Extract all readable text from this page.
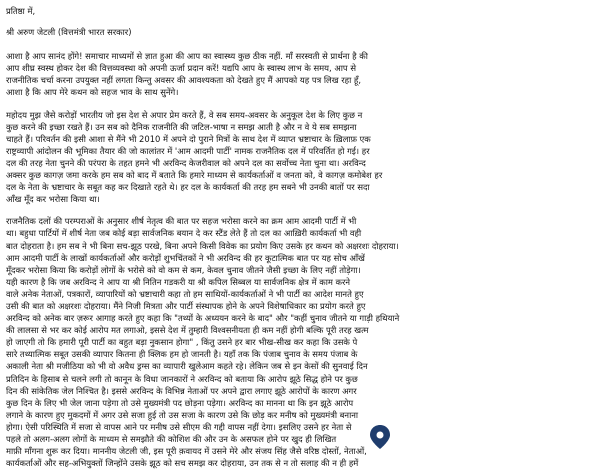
प्रतिष्ठा में,
श्री अरुण जेटली (वित्तमंत्री भारत सरकार)
आशा है आप सानंद होंगे! समाचार माध्यमों से ज्ञात हुआ की आप का स्वास्थ्य कुछ ठीक नहीं. माँ सरस्वती से प्रार्थना है की
आप शीघ्र स्वस्थ होकर देश की वित्तव्यवस्था को अपनी ऊर्जा प्रदान करें! यद्यपि आप के स्वास्थ लाभ के समय, आप से
राजनीतिक चर्चा करना उपयुक्त नहीं लगता किन्तु अवसर की आवश्यकता को देखते हुए मैं आपको यह पत्र लिख रहा हूँ,
आशा है कि आप मेरे कथन को सहज भाव के साथ सुनेंगे।
महोदय मुझ जैसे करोड़ों भारतीय जो इस देश से अपार प्रेम करते हैं, वे सब समय-अवसर के अनुकूल देश के लिए कुछ न
कुछ करने की इच्छा रखते हैं। उन सब को दैनिक राजनीति की जटिल-भाषा न समझ आती है और न वे ये सब समझना
चाहते हैं। परिवर्तन की इसी आशा से मैंने भी 2010 में अपने दो पुराने मित्रों के साथ देश में व्याप्त भ्रष्टाचार के ख़िलाफ़ एक
राष्ट्रव्यापी आंदोलन की भूमिका तैयार की जो कालांतर में 'आम आदमी पार्टी' नामक राजनैतिक दल में परिवर्तित हो गई। हर
दल की तरह नेता चुनने की परंपरा के तहत हमने भी अरविन्द केजरीवाल को अपने दल का सर्वोच्च नेता चुना था। अरविन्द
अक्सर कुछ कागज़ जमा करके हम सब को बाद में बताते कि हमारे माध्यम से कार्यकर्ताओं व जनता को, वे कागज़ कमोबेश हर
दल के नेता के भ्रष्टाचार के सबूत कह कर दिखाते रहते थे। हर दल के कार्यकर्ता की तरह हम सबने भी उनकी बातों पर सदा
आँख मूँद कर भरोसा किया था।
राजनैतिक दलों की परम्पराओं के अनुसार शीर्ष नेतृत्व की बात पर सहज भरोसा करने का क्रम आम आदमी पार्टी में भी
था। बहुधा पार्टियों में शीर्ष नेता जब कोई बड़ा सार्वजनिक बयान दे कर स्टैंड लेते हैं तो दल का आख़िरी कार्यकर्ता भी वही
बात दोहराता है। हम सब ने भी बिना सच-झूठ परखे, बिना अपने किसी विवेक का प्रयोग किए उसके हर कथन को अक्षरशः दोहराया।
आम आदमी पार्टी के लाखों कार्यकर्ताओं और करोड़ों शुभचिंतकों ने भी अरविन्द की हर कूटात्मिक बात पर यह सोच आँखें
मूँदकर भरोसा किया कि करोड़ों लोगों के भरोसे को वो कम से कम, केवल चुनाव जीतने जैसी इच्छा के लिए नहीं तोड़ेगा।
यही कारण है कि जब अरविन्द ने आप या श्री नितिन गडकरी या श्री कपिल सिब्बल या सार्वजनिक क्षेत्र में काम करने
वाले अनेक नेताओं, पत्रकारों, व्यापारियों को भ्रष्टाचारी कहा तो हम साथियों-कार्यकर्ताओं ने भी पार्टी का आदेश मानते हुए
उसी की बात को अक्षरशः दोहराया। मैंने निजी मित्रता और पार्टी संस्थापक होने के अपने विशेषाधिकार का प्रयोग करते हुए
अरविन्द को अनेक बार ज़रूर आगाह करते हुए कहा कि "तथ्यों के अध्ययन करने के बाद" और "कहीं चुनाव जीतने या गाड़ी हथियाने
की लालसा से भर कर कोई आरोप मत लगाओ, इससे देश में तुम्हारी विश्वसनीयता ही कम नहीं होगी बल्कि पूरी तरह खत्म
हो जाएगी तो कि हमारी पूरी पार्टी का बहुत बड़ा नुकसान होगा" , किंतु उसने हर बार भीख-सीख कर कहा कि उसके पे
सारे तथ्यात्मिक सबूत उसकी व्यापार कितना ही क्लिक हम हो जानती है। यहाँ तक कि पंजाब चुनाव के समय पंजाब के
अकाली नेता श्री मजीठिया को भी वो अवैध ड्रग्स का व्यापारी खुलेआम कहते रहे। लेकिन जब से इन केसों की सुनवाई दिन
प्रतिदिन के हिसाब से चलने लगी तो कानून के विधा जानकारों ने अरविन्द को बताया कि आरोप झूठे सिद्ध होने पर कुछ
दिन की सांकेतिक जेल निश्चित है। इससे अरविन्द के विभिन्न नेताओं पर अपने द्वारा लगाए झूठे आरोपों के कारण अगर
कुछ दिन के लिए भी जेल जाना पड़ेगा तो उसे मुख्यमंत्री पद छोड़ना पड़ेगा। अरविन्द का मानना था कि इन झूठे आरोप
लगाने के कारण हुए मुकदमों में अगर उसे सजा हुई तो उस सजा के कारण उसे कि छोड़ कर मनीष को मुख्यमंत्री बनाना
होगा। ऐसी परिस्थिति में सजा से वापस आने पर मनीष उसे सीएम की गद्दी वापस नहीं देगा। इसलिए उसने हर नेता से
पहले तो अलग-अलग लोगों के माध्यम से समझौते की कोशिश की और उन के असफल होने पर खुद ही लिखित
माफ़ी माँगना शुरू कर दिया। माननीय जेटली जी, इस पूरी क़वायद में उसने मेरे और संजय सिंह जैसे वरिष्ठ दोस्तों, नेताओं,
कार्यकर्ताओं और सह-अभियुक्तों जिन्होंने उसके झूठ को सच समझ कर दोहराया, उन तक से न तो सलाह की न ही हमें
